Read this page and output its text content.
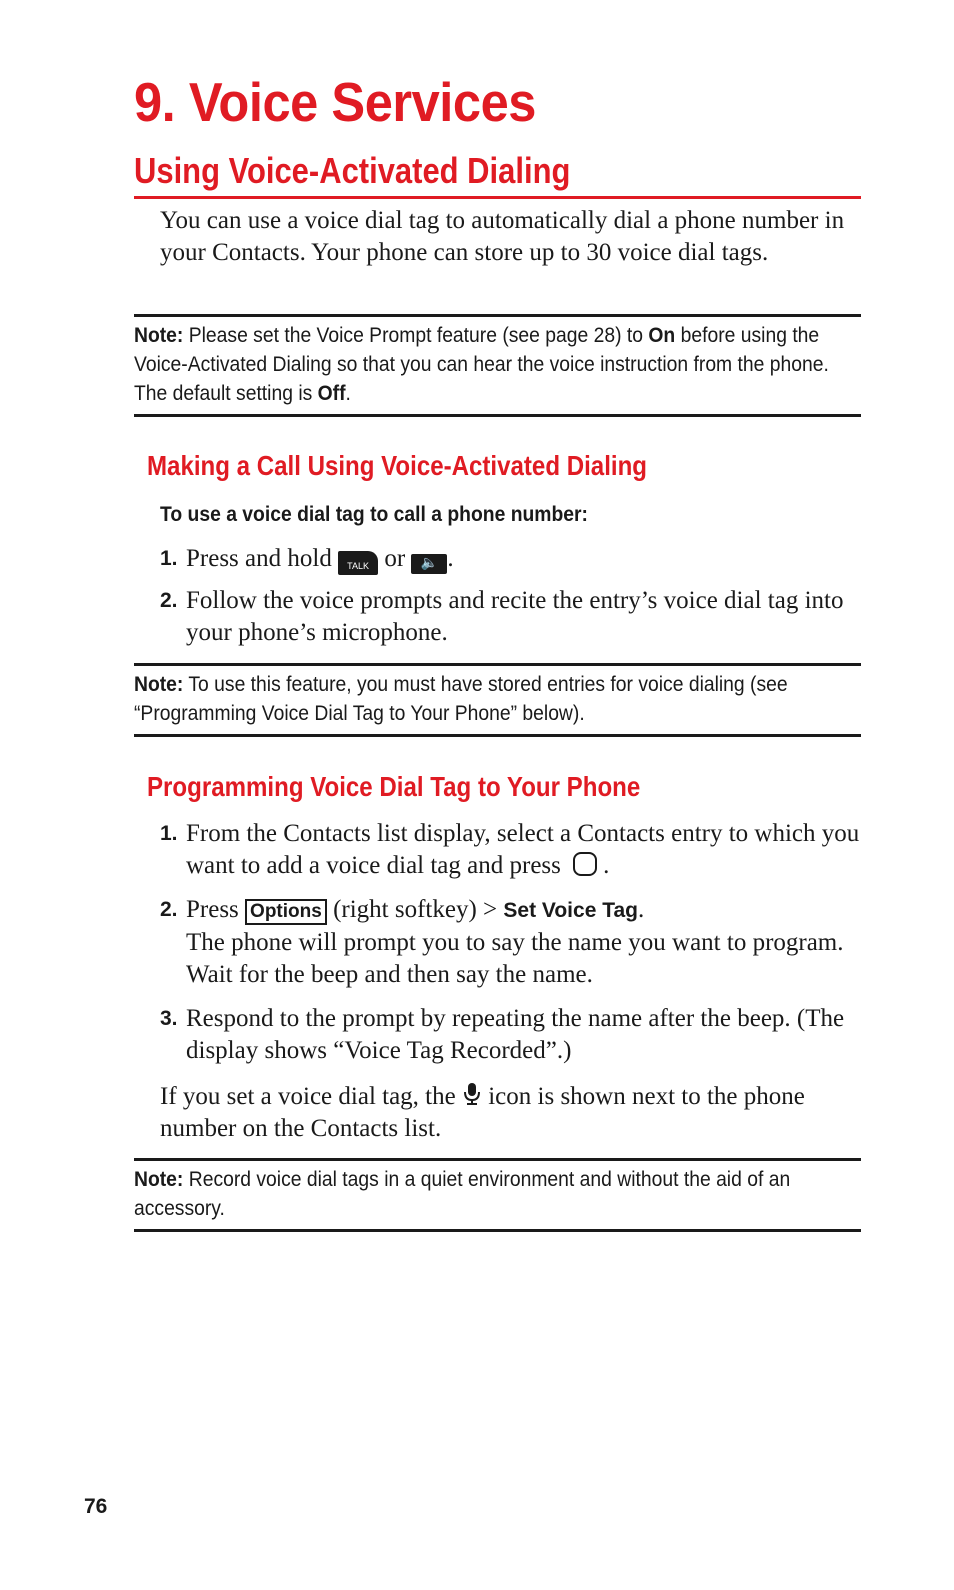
9. Voice Services
Using Voice-Activated Dialing

You can use a voice dial tag to automatically dial a phone number in your Contacts. Your phone can store up to 30 voice dial tags.

Note: Please set the Voice Prompt feature (see page 28) to On before using the Voice-Activated Dialing so that you can hear the voice instruction from the phone. The default setting is Off.
Making a Call Using Voice-Activated Dialing
To use a voice dial tag to call a phone number:
1. Press and hold TALK or 🔈 .
2. Follow the voice prompts and recite the entry’s voice dial tag into your phone’s microphone.
Note: To use this feature, you must have stored entries for voice dialing (see “Programming Voice Dial Tag to Your Phone” below).
Programming Voice Dial Tag to Your Phone
1. From the Contacts list display, select a Contacts entry to which you want to add a voice dial tag and press .
2. Press Options (right softkey) > Set Voice Tag.
The phone will prompt you to say the name you want to program. Wait for the beep and then say the name.
3. Respond to the prompt by repeating the name after the beep. (The display shows “Voice Tag Recorded”.)

If you set a voice dial tag, the  icon is shown next to the phone number on the Contacts list.

Note: Record voice dial tags in a quiet environment and without the aid of an accessory.
76
